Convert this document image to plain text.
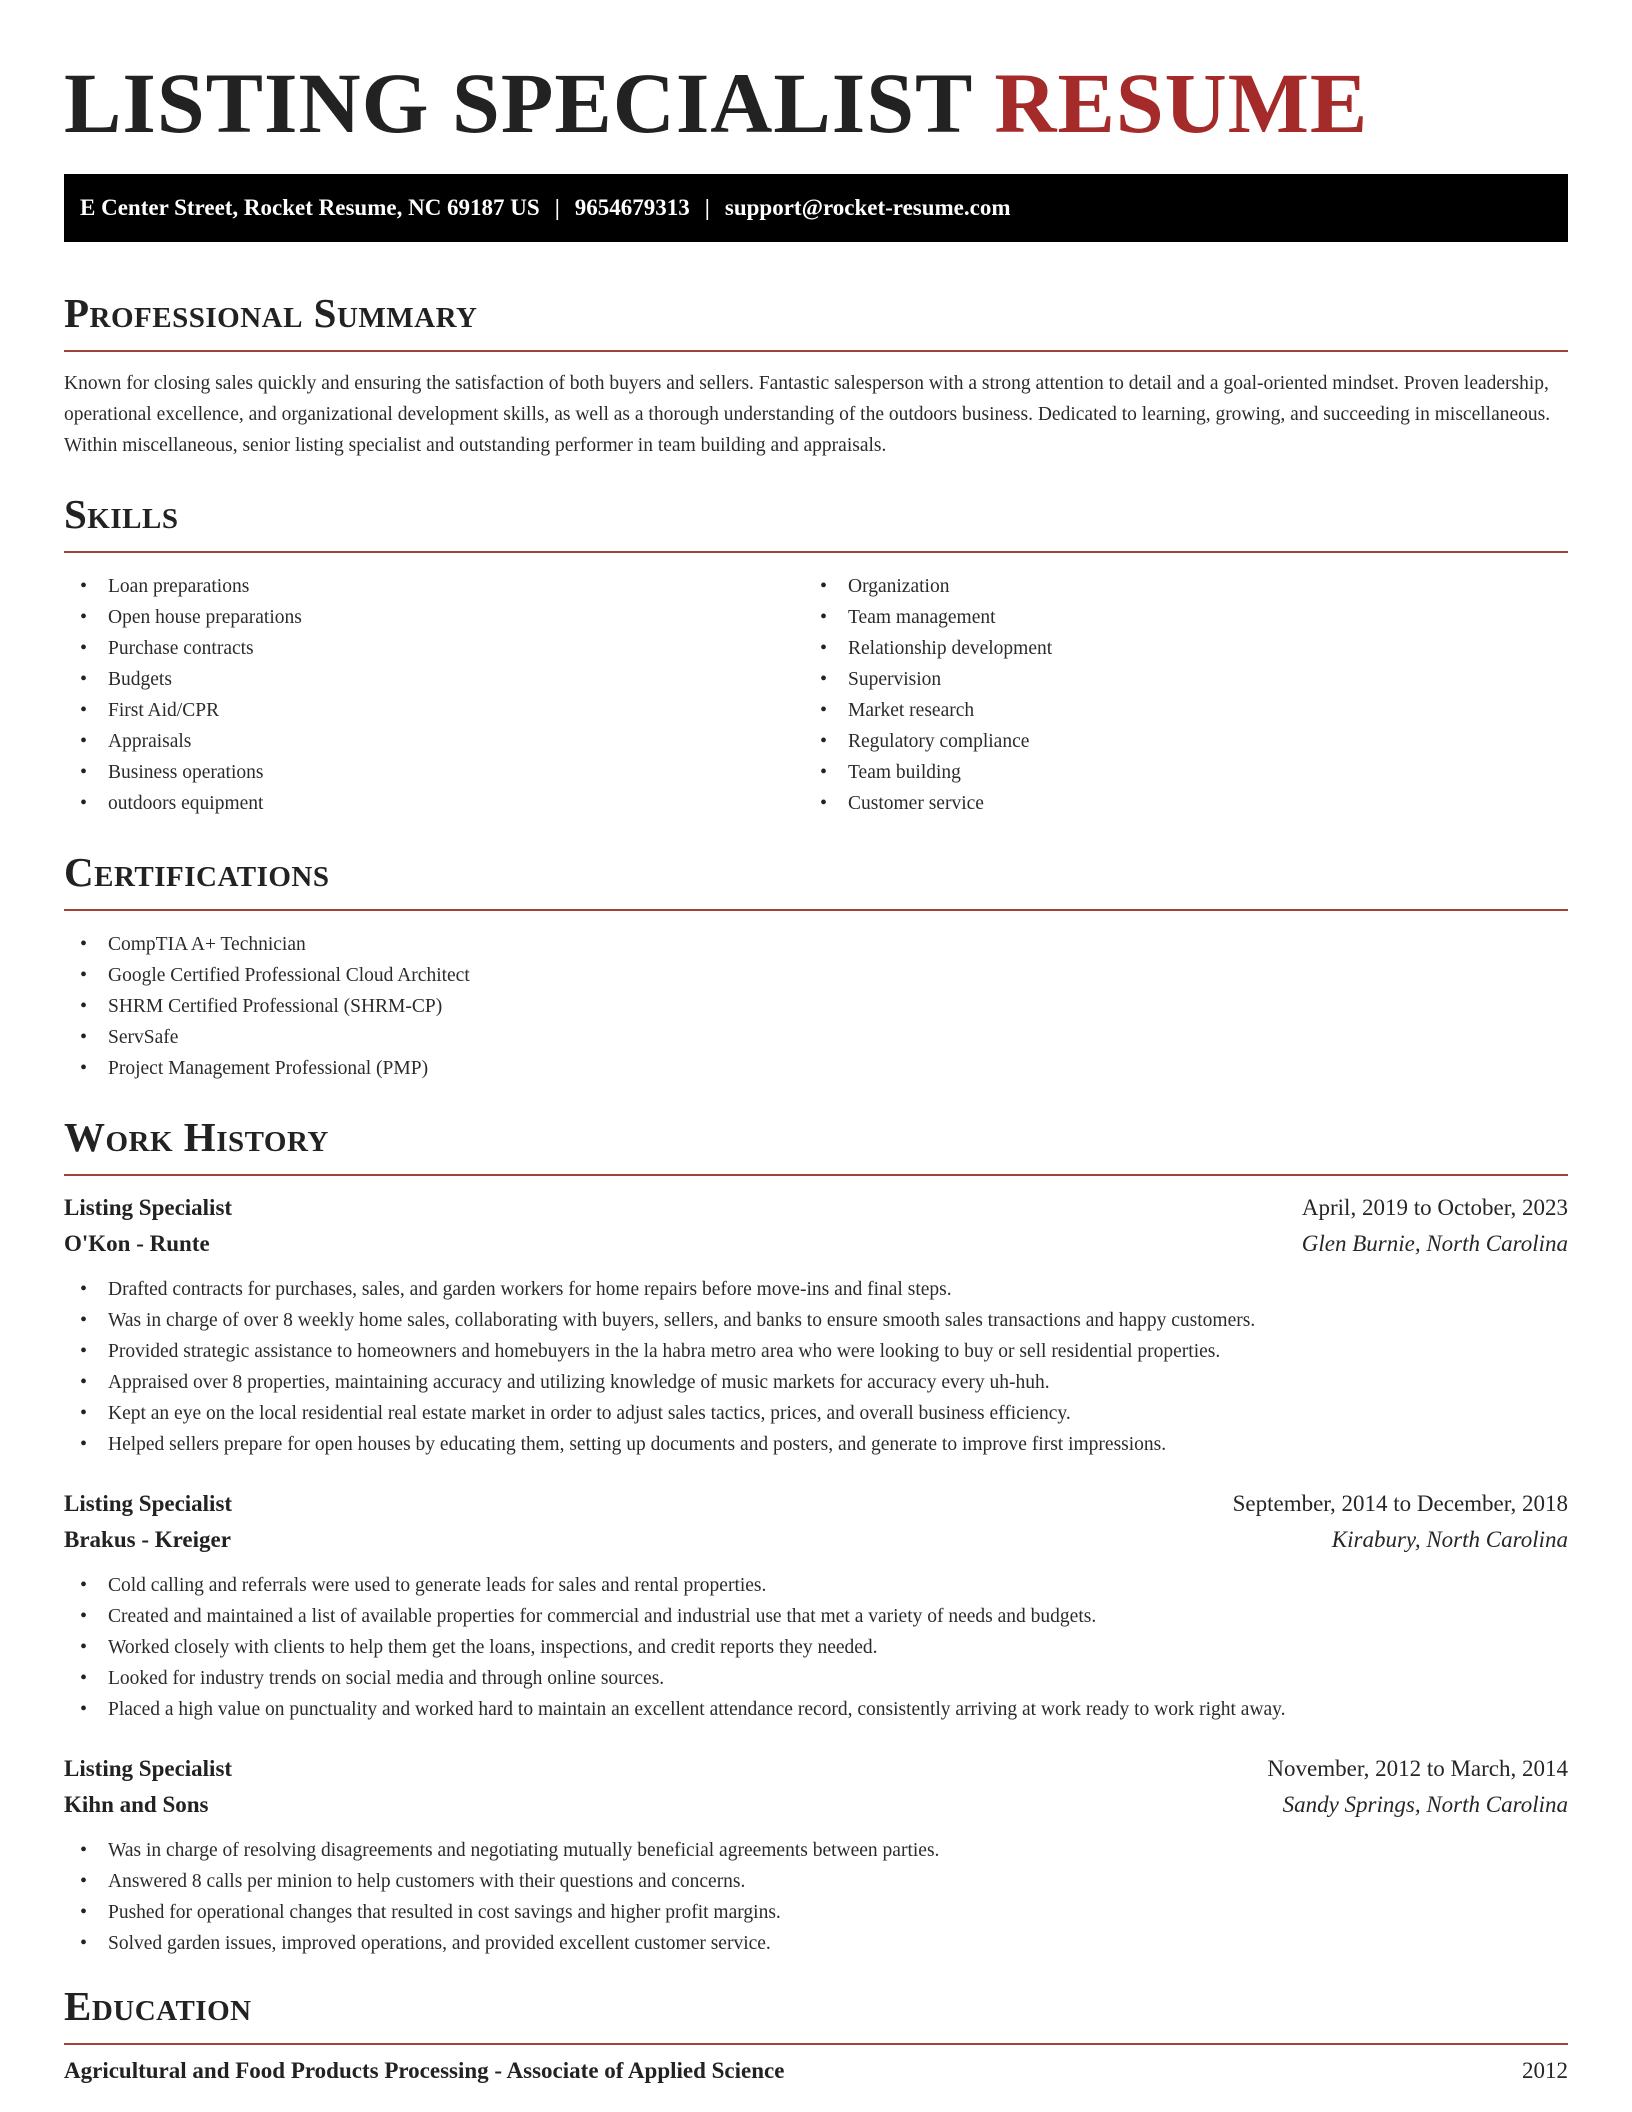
LISTING SPECIALIST RESUME
E Center Street, Rocket Resume, NC 69187 US | 9654679313 | support@rocket-resume.com
Professional Summary

Known for closing sales quickly and ensuring the satisfaction of both buyers and sellers. Fantastic salesperson with a strong attention to detail and a goal-oriented mindset. Proven leadership, operational excellence, and organizational development skills, as well as a thorough understanding of the outdoors business. Dedicated to learning, growing, and succeeding in miscellaneous. Within miscellaneous, senior listing specialist and outstanding performer in team building and appraisals.

Skills
• Loan preparations
• Open house preparations
• Purchase contracts
• Budgets
• First Aid/CPR
• Appraisals
• Business operations
• outdoors equipment
• Organization
• Team management
• Relationship development
• Supervision
• Market research
• Regulatory compliance
• Team building
• Customer service
Certifications
• CompTIA A+ Technician
• Google Certified Professional Cloud Architect
• SHRM Certified Professional (SHRM-CP)
• ServSafe
• Project Management Professional (PMP)
Work History
Listing Specialist	April, 2019 to October, 2023
O'Kon - Runte	Glen Burnie, North Carolina
• Drafted contracts for purchases, sales, and garden workers for home repairs before move-ins and final steps.
• Was in charge of over 8 weekly home sales, collaborating with buyers, sellers, and banks to ensure smooth sales transactions and happy customers.
• Provided strategic assistance to homeowners and homebuyers in the la habra metro area who were looking to buy or sell residential properties.
• Appraised over 8 properties, maintaining accuracy and utilizing knowledge of music markets for accuracy every uh-huh.
• Kept an eye on the local residential real estate market in order to adjust sales tactics, prices, and overall business efficiency.
• Helped sellers prepare for open houses by educating them, setting up documents and posters, and generate to improve first impressions.
Listing Specialist	September, 2014 to December, 2018
Brakus - Kreiger	Kirabury, North Carolina
• Cold calling and referrals were used to generate leads for sales and rental properties.
• Created and maintained a list of available properties for commercial and industrial use that met a variety of needs and budgets.
• Worked closely with clients to help them get the loans, inspections, and credit reports they needed.
• Looked for industry trends on social media and through online sources.
• Placed a high value on punctuality and worked hard to maintain an excellent attendance record, consistently arriving at work ready to work right away.
Listing Specialist	November, 2012 to March, 2014
Kihn and Sons	Sandy Springs, North Carolina
• Was in charge of resolving disagreements and negotiating mutually beneficial agreements between parties.
• Answered 8 calls per minion to help customers with their questions and concerns.
• Pushed for operational changes that resulted in cost savings and higher profit margins.
• Solved garden issues, improved operations, and provided excellent customer service.
Education
Agricultural and Food Products Processing - Associate of Applied Science	2012
